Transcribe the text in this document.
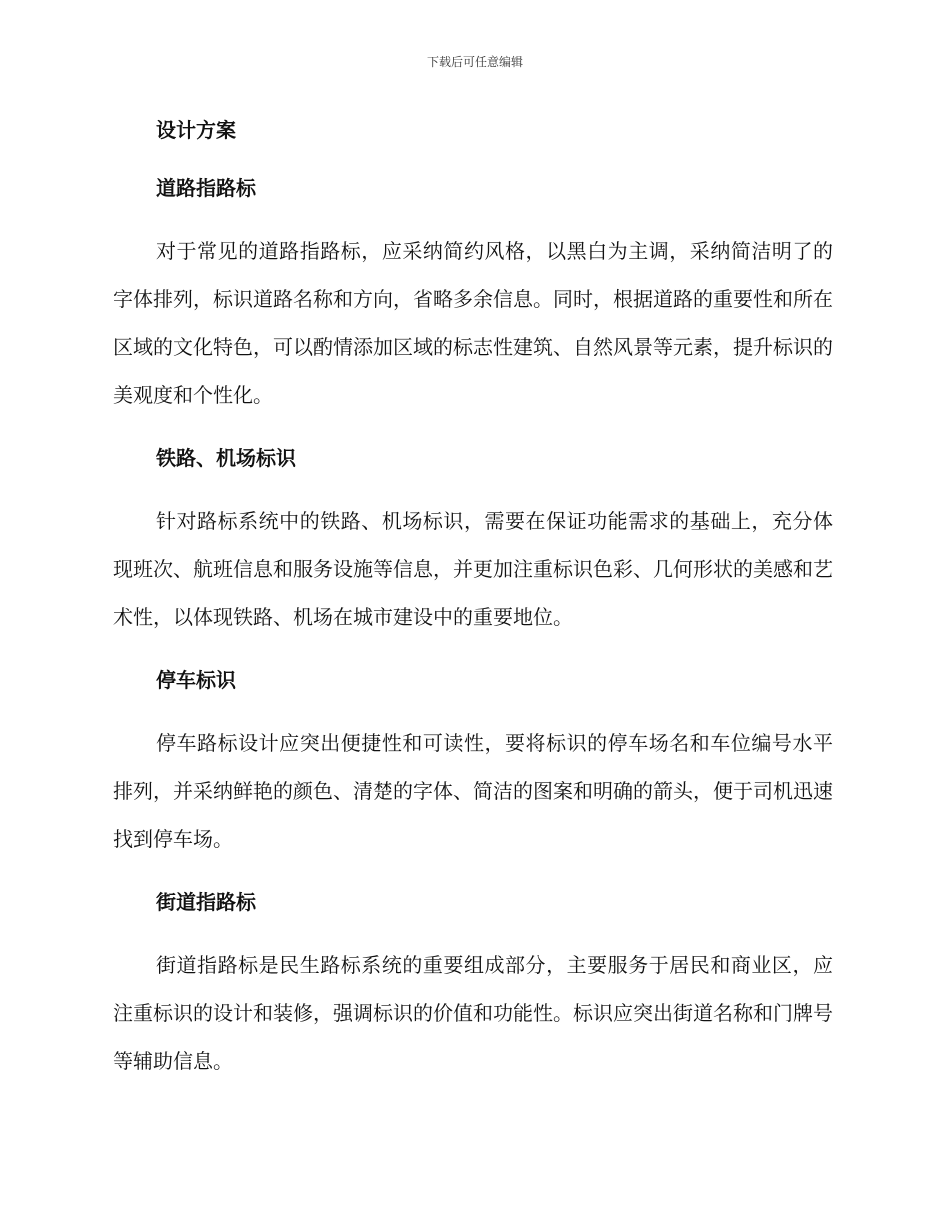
下载后可任意编辑
设计方案
道路指路标

对于常见的道路指路标，应采纳简约风格，以黑白为主调，采纳简洁明了的字体排列，标识道路名称和方向，省略多余信息。同时，根据道路的重要性和所在区域的文化特色，可以酌情添加区域的标志性建筑、自然风景等元素，提升标识的美观度和个性化。

铁路、机场标识

针对路标系统中的铁路、机场标识，需要在保证功能需求的基础上，充分体现班次、航班信息和服务设施等信息，并更加注重标识色彩、几何形状的美感和艺术性，以体现铁路、机场在城市建设中的重要地位。

停车标识

停车路标设计应突出便捷性和可读性，要将标识的停车场名和车位编号水平排列，并采纳鲜艳的颜色、清楚的字体、简洁的图案和明确的箭头，便于司机迅速找到停车场。

街道指路标

街道指路标是民生路标系统的重要组成部分，主要服务于居民和商业区，应注重标识的设计和装修，强调标识的价值和功能性。标识应突出街道名称和门牌号等辅助信息。
